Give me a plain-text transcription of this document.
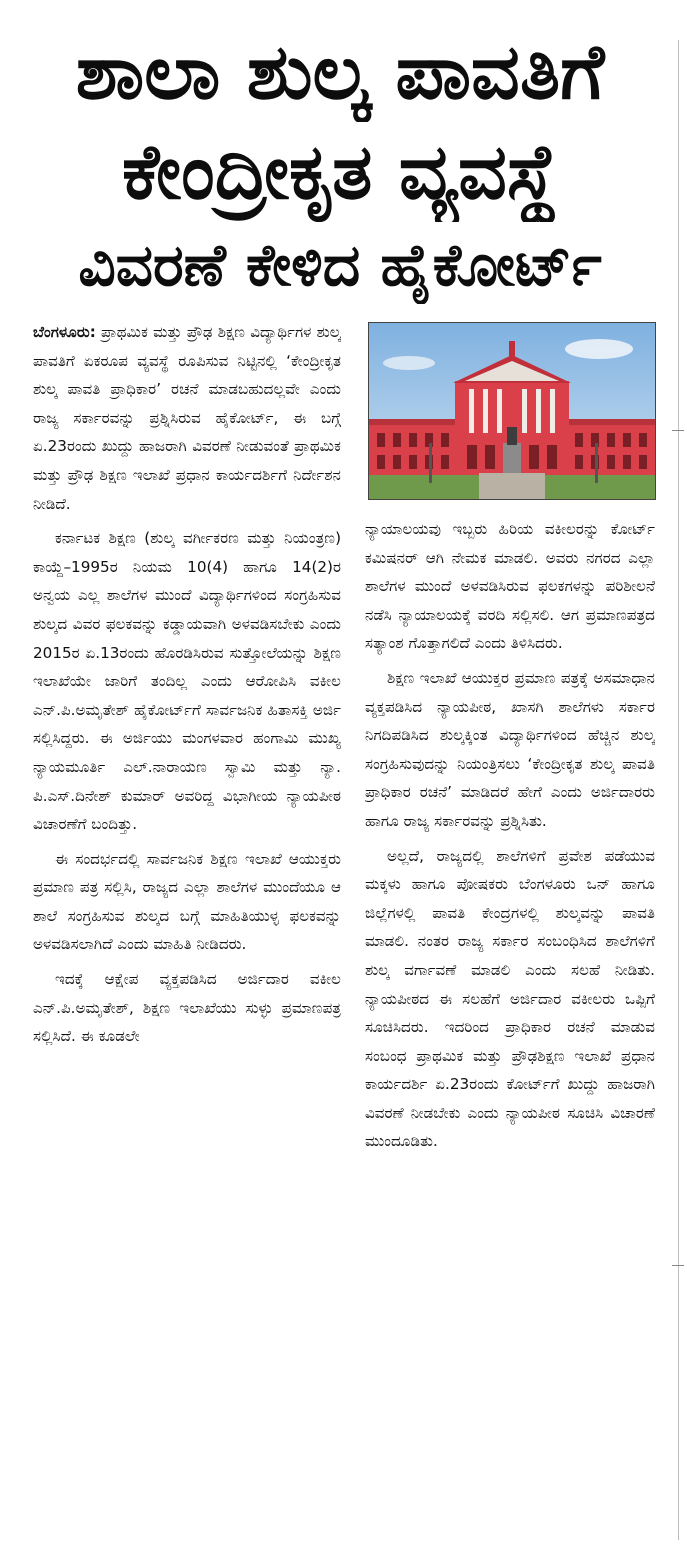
ಶಾಲಾ ಶುಲ್ಕ ಪಾವತಿಗೆ
ಕೇಂದ್ರೀಕೃತ ವ್ಯವಸ್ಥೆ
ವಿವರಣೆ ಕೇಳಿದ ಹೈಕೋರ್ಟ್

ಬೆಂಗಳೂರು: ಪ್ರಾಥಮಿಕ ಮತ್ತು ಪ್ರೌಢ ಶಿಕ್ಷಣ ವಿದ್ಯಾರ್ಥಿಗಳ ಶುಲ್ಕ ಪಾವತಿಗೆ ಏಕರೂಪ ವ್ಯವಸ್ಥೆ ರೂಪಿಸುವ ನಿಟ್ಟಿನಲ್ಲಿ ‘ಕೇಂದ್ರೀಕೃತ ಶುಲ್ಕ ಪಾವತಿ ಪ್ರಾಧಿಕಾರ’ ರಚನೆ ಮಾಡಬಹುದಲ್ಲವೇ ಎಂದು ರಾಜ್ಯ ಸರ್ಕಾರವನ್ನು ಪ್ರಶ್ನಿಸಿರುವ ಹೈಕೋರ್ಟ್, ಈ ಬಗ್ಗೆ ಏ.23ರಂದು ಖುದ್ದು ಹಾಜರಾಗಿ ವಿವರಣೆ ನೀಡುವಂತೆ ಪ್ರಾಥಮಿಕ ಮತ್ತು ಪ್ರೌಢ ಶಿಕ್ಷಣ ಇಲಾಖೆ ಪ್ರಧಾನ ಕಾರ್ಯದರ್ಶಿಗೆ ನಿರ್ದೇಶನ ನೀಡಿದೆ.

ಕರ್ನಾಟಕ ಶಿಕ್ಷಣ (ಶುಲ್ಕ ವರ್ಗೀಕರಣ ಮತ್ತು ನಿಯಂತ್ರಣ) ಕಾಯ್ದೆ–1995ರ ನಿಯಮ 10(4) ಹಾಗೂ 14(2)ರ ಅನ್ವಯ ಎಲ್ಲ ಶಾಲೆಗಳ ಮುಂದೆ ವಿದ್ಯಾರ್ಥಿಗಳಿಂದ ಸಂಗ್ರಹಿಸುವ ಶುಲ್ಕದ ವಿವರ ಫಲಕವನ್ನು ಕಡ್ಡಾಯವಾಗಿ ಅಳವಡಿಸಬೇಕು ಎಂದು 2015ರ ಏ.13ರಂದು ಹೊರಡಿಸಿರುವ ಸುತ್ತೋಲೆಯನ್ನು ಶಿಕ್ಷಣ ಇಲಾಖೆಯೇ ಜಾರಿಗೆ ತಂದಿಲ್ಲ ಎಂದು ಆರೋಪಿಸಿ ವಕೀಲ ಎನ್.ಪಿ.ಅಮೃತೇಶ್ ಹೈಕೋರ್ಟ್‌ಗೆ ಸಾರ್ವಜನಿಕ ಹಿತಾಸಕ್ತಿ ಅರ್ಜಿ ಸಲ್ಲಿಸಿದ್ದರು. ಈ ಅರ್ಜಿಯು ಮಂಗಳವಾರ ಹಂಗಾಮಿ ಮುಖ್ಯ ನ್ಯಾಯಮೂರ್ತಿ ಎಲ್.ನಾರಾಯಣ ಸ್ವಾಮಿ ಮತ್ತು ನ್ಯಾ. ಪಿ.ಎಸ್.ದಿನೇಶ್ ಕುಮಾರ್ ಅವರಿದ್ದ ವಿಭಾಗೀಯ ನ್ಯಾಯಪೀಠ ವಿಚಾರಣೆಗೆ ಬಂದಿತ್ತು.

ಈ ಸಂದರ್ಭದಲ್ಲಿ ಸಾರ್ವಜನಿಕ ಶಿಕ್ಷಣ ಇಲಾಖೆ ಆಯುಕ್ತರು ಪ್ರಮಾಣ ಪತ್ರ ಸಲ್ಲಿಸಿ, ರಾಜ್ಯದ ಎಲ್ಲಾ ಶಾಲೆಗಳ ಮುಂದೆಯೂ ಆ ಶಾಲೆ ಸಂಗ್ರಹಿಸುವ ಶುಲ್ಕದ ಬಗ್ಗೆ ಮಾಹಿತಿಯುಳ್ಳ ಫಲಕವನ್ನು ಅಳವಡಿಸಲಾಗಿದೆ ಎಂದು ಮಾಹಿತಿ ನೀಡಿದರು.

ಇದಕ್ಕೆ ಆಕ್ಷೇಪ ವ್ಯಕ್ತಪಡಿಸಿದ ಅರ್ಜಿದಾರ ವಕೀಲ ಎನ್.ಪಿ.ಅಮೃತೇಶ್, ಶಿಕ್ಷಣ ಇಲಾಖೆಯು ಸುಳ್ಳು ಪ್ರಮಾಣಪತ್ರ ಸಲ್ಲಿಸಿದೆ. ಈ ಕೂಡಲೇ

ನ್ಯಾಯಾಲಯವು ಇಬ್ಬರು ಹಿರಿಯ ವಕೀಲರನ್ನು ಕೋರ್ಟ್ ಕಮಿಷನರ್ ಆಗಿ ನೇಮಕ ಮಾಡಲಿ. ಅವರು ನಗರದ ಎಲ್ಲಾ ಶಾಲೆಗಳ ಮುಂದೆ ಅಳವಡಿಸಿರುವ ಫಲಕಗಳನ್ನು ಪರಿಶೀಲನೆ ನಡೆಸಿ ನ್ಯಾಯಾಲಯಕ್ಕೆ ವರದಿ ಸಲ್ಲಿಸಲಿ. ಆಗ ಪ್ರಮಾಣಪತ್ರದ ಸತ್ಯಾಂಶ ಗೊತ್ತಾಗಲಿದೆ ಎಂದು ತಿಳಿಸಿದರು.

ಶಿಕ್ಷಣ ಇಲಾಖೆ ಆಯುಕ್ತರ ಪ್ರಮಾಣ ಪತ್ರಕ್ಕೆ ಅಸಮಾಧಾನ ವ್ಯಕ್ತಪಡಿಸಿದ ನ್ಯಾಯಪೀಠ, ಖಾಸಗಿ ಶಾಲೆಗಳು ಸರ್ಕಾರ ನಿಗದಿಪಡಿಸಿದ ಶುಲ್ಕಕ್ಕಿಂತ ವಿದ್ಯಾರ್ಥಿಗಳಿಂದ ಹೆಚ್ಚಿನ ಶುಲ್ಕ ಸಂಗ್ರಹಿಸುವುದನ್ನು ನಿಯಂತ್ರಿಸಲು ‘ಕೇಂದ್ರೀಕೃತ ಶುಲ್ಕ ಪಾವತಿ ಪ್ರಾಧಿಕಾರ ರಚನೆ’ ಮಾಡಿದರೆ ಹೇಗೆ ಎಂದು ಅರ್ಜಿದಾರರು ಹಾಗೂ ರಾಜ್ಯ ಸರ್ಕಾರವನ್ನು ಪ್ರಶ್ನಿಸಿತು.

ಅಲ್ಲದೆ, ರಾಜ್ಯದಲ್ಲಿ ಶಾಲೆಗಳಿಗೆ ಪ್ರವೇಶ ಪಡೆಯುವ ಮಕ್ಕಳು ಹಾಗೂ ಪೋಷಕರು ಬೆಂಗಳೂರು ಒನ್ ಹಾಗೂ ಜಿಲ್ಲೆಗಳಲ್ಲಿ ಪಾವತಿ ಕೇಂದ್ರಗಳಲ್ಲಿ ಶುಲ್ಕವನ್ನು ಪಾವತಿ ಮಾಡಲಿ. ನಂತರ ರಾಜ್ಯ ಸರ್ಕಾರ ಸಂಬಂಧಿಸಿದ ಶಾಲೆಗಳಿಗೆ ಶುಲ್ಕ ವರ್ಗಾವಣೆ ಮಾಡಲಿ ಎಂದು ಸಲಹೆ ನೀಡಿತು. ನ್ಯಾಯಪೀಠದ ಈ ಸಲಹೆಗೆ ಅರ್ಜಿದಾರ ವಕೀಲರು ಒಪ್ಪಿಗೆ ಸೂಚಿಸಿದರು. ಇದರಿಂದ ಪ್ರಾಧಿಕಾರ ರಚನೆ ಮಾಡುವ ಸಂಬಂಧ ಪ್ರಾಥಮಿಕ ಮತ್ತು ಪ್ರೌಢಶಿಕ್ಷಣ ಇಲಾಖೆ ಪ್ರಧಾನ ಕಾರ್ಯದರ್ಶಿ ಏ.23ರಂದು ಕೋರ್ಟ್‌ಗೆ ಖುದ್ದು ಹಾಜರಾಗಿ ವಿವರಣೆ ನೀಡಬೇಕು ಎಂದು ನ್ಯಾಯಪೀಠ ಸೂಚಿಸಿ ವಿಚಾರಣೆ ಮುಂದೂಡಿತು.
